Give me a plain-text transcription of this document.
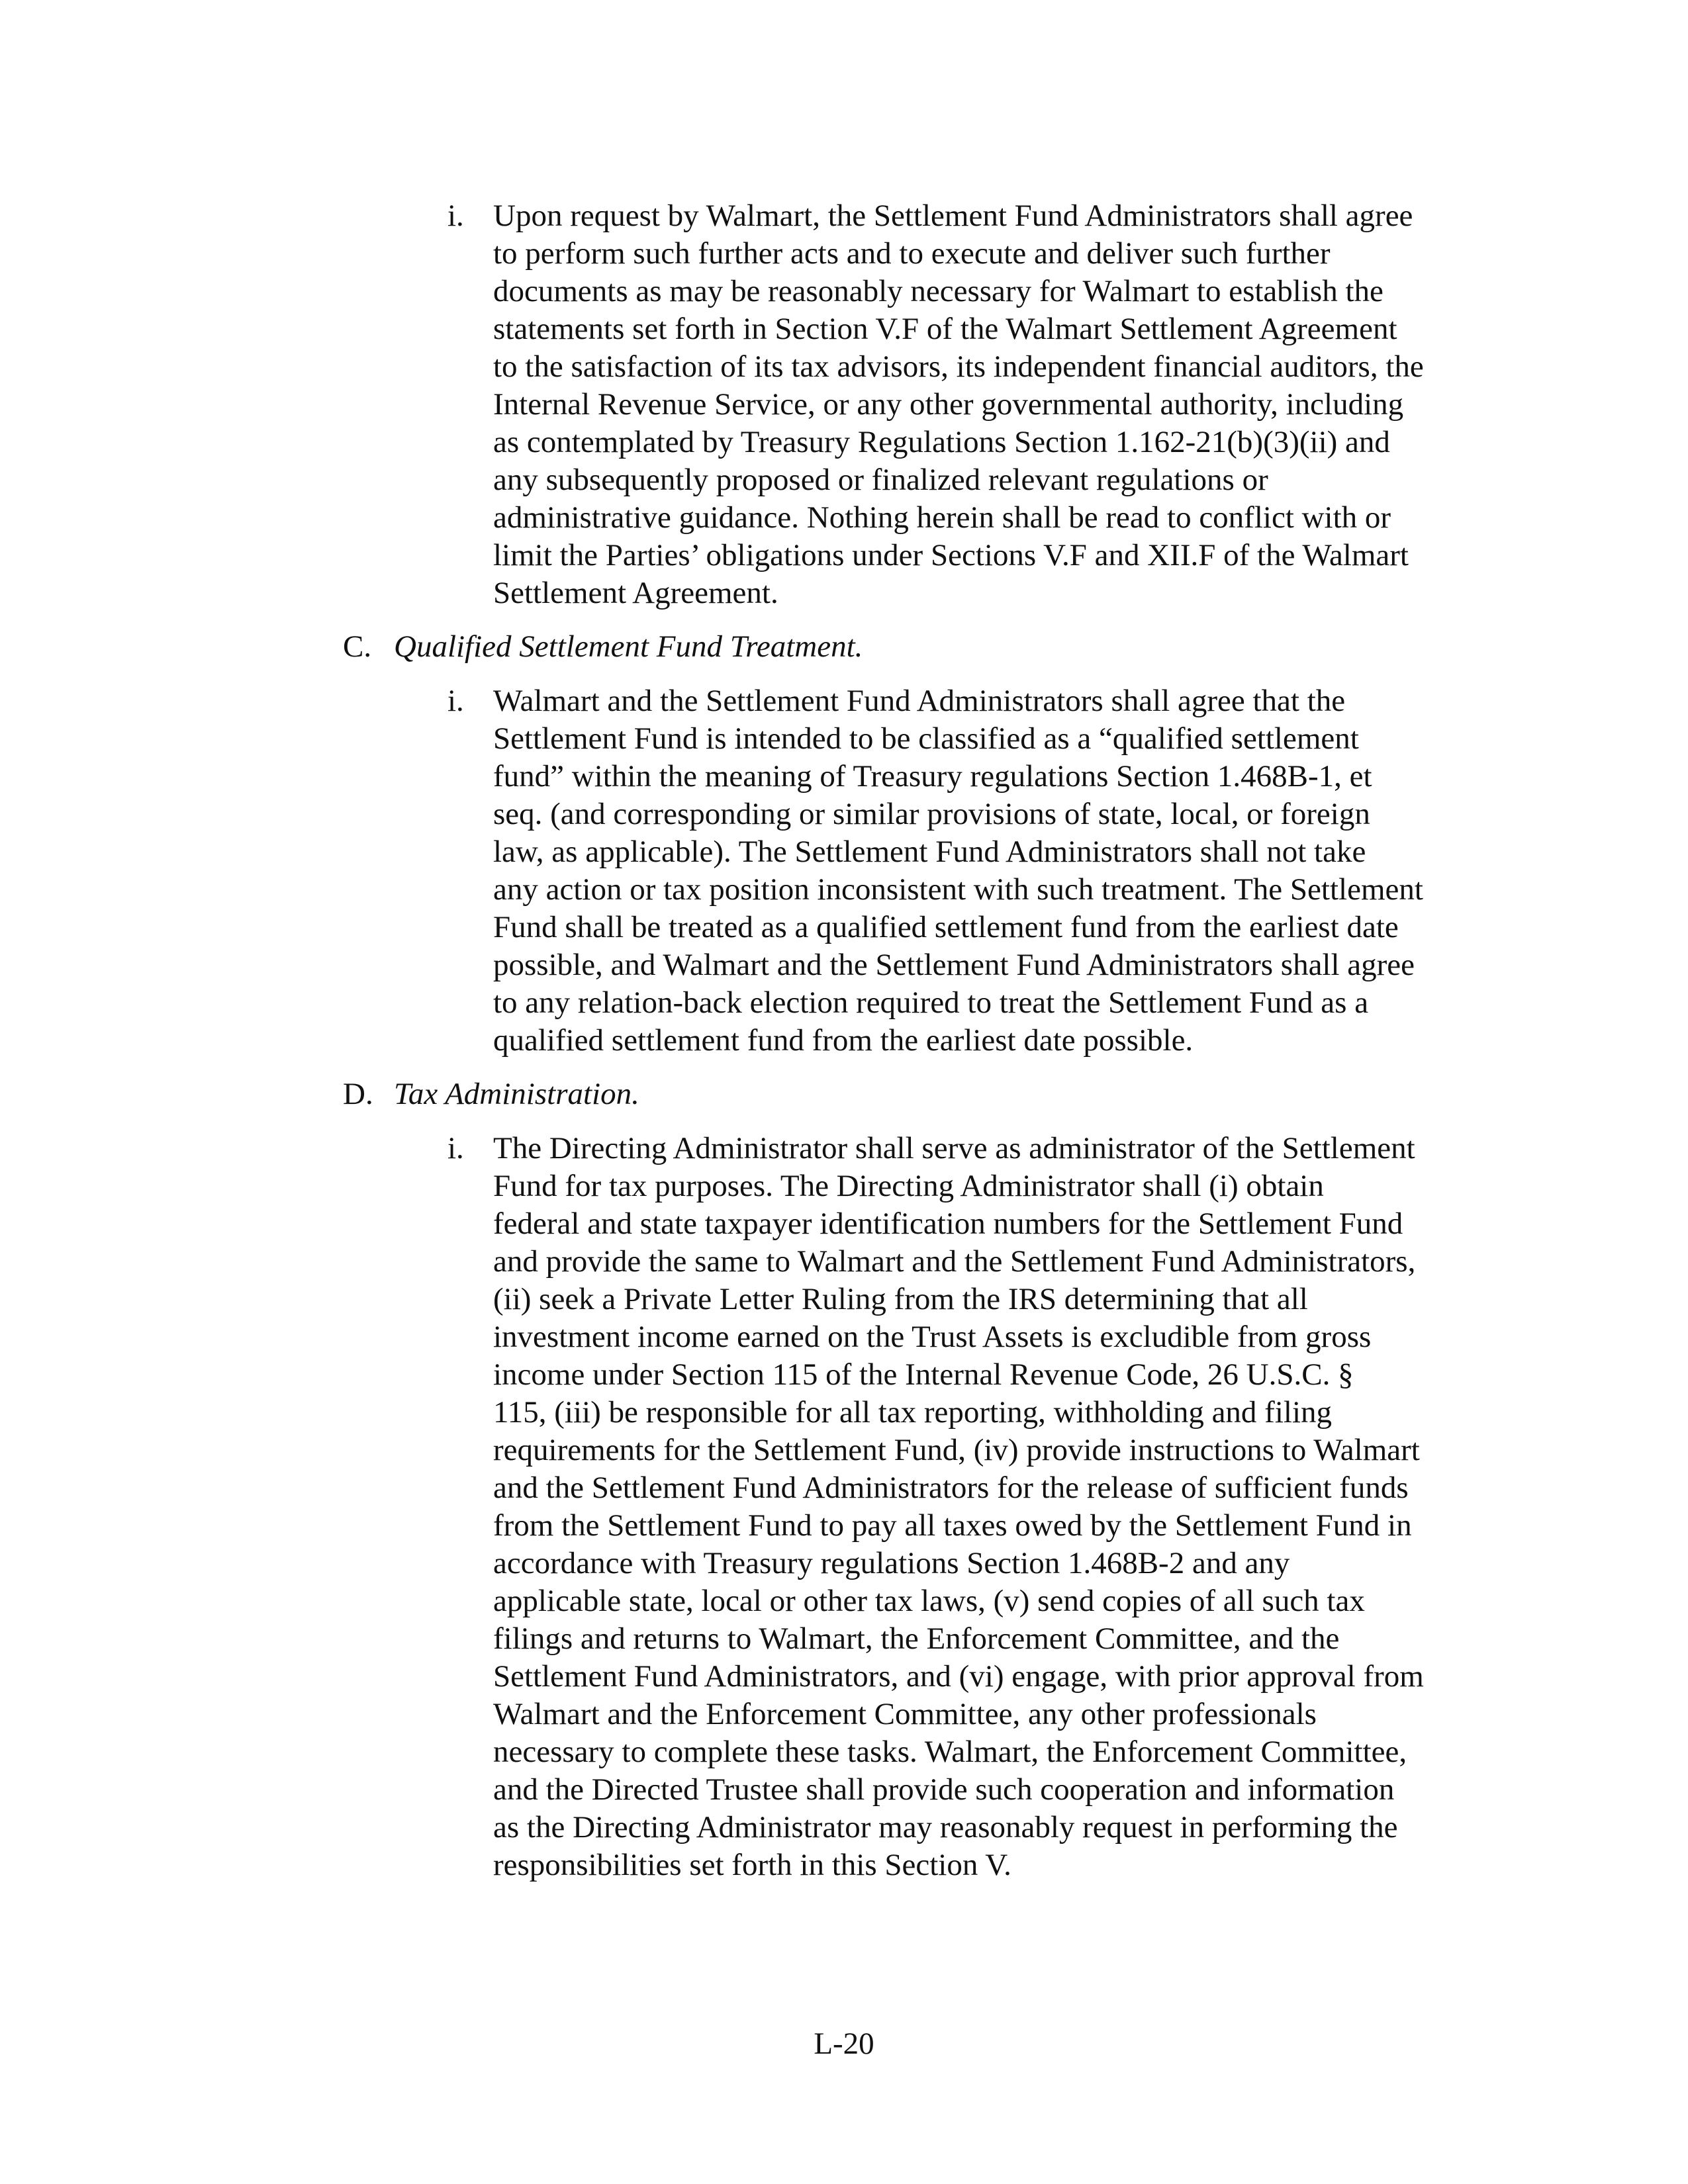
i. Upon request by Walmart, the Settlement Fund Administrators shall agree
to perform such further acts and to execute and deliver such further
documents as may be reasonably necessary for Walmart to establish the
statements set forth in Section V.F of the Walmart Settlement Agreement
to the satisfaction of its tax advisors, its independent financial auditors, the
Internal Revenue Service, or any other governmental authority, including
as contemplated by Treasury Regulations Section 1.162-21(b)(3)(ii) and
any subsequently proposed or finalized relevant regulations or
administrative guidance. Nothing herein shall be read to conflict with or
limit the Parties’ obligations under Sections V.F and XII.F of the Walmart
Settlement Agreement.
C. Qualified Settlement Fund Treatment.
i. Walmart and the Settlement Fund Administrators shall agree that the
Settlement Fund is intended to be classified as a “qualified settlement
fund” within the meaning of Treasury regulations Section 1.468B-1, et
seq. (and corresponding or similar provisions of state, local, or foreign
law, as applicable). The Settlement Fund Administrators shall not take
any action or tax position inconsistent with such treatment. The Settlement
Fund shall be treated as a qualified settlement fund from the earliest date
possible, and Walmart and the Settlement Fund Administrators shall agree
to any relation-back election required to treat the Settlement Fund as a
qualified settlement fund from the earliest date possible.
D. Tax Administration.
i. The Directing Administrator shall serve as administrator of the Settlement
Fund for tax purposes. The Directing Administrator shall (i) obtain
federal and state taxpayer identification numbers for the Settlement Fund
and provide the same to Walmart and the Settlement Fund Administrators,
(ii) seek a Private Letter Ruling from the IRS determining that all
investment income earned on the Trust Assets is excludible from gross
income under Section 115 of the Internal Revenue Code, 26 U.S.C. §
115, (iii) be responsible for all tax reporting, withholding and filing
requirements for the Settlement Fund, (iv) provide instructions to Walmart
and the Settlement Fund Administrators for the release of sufficient funds
from the Settlement Fund to pay all taxes owed by the Settlement Fund in
accordance with Treasury regulations Section 1.468B-2 and any
applicable state, local or other tax laws, (v) send copies of all such tax
filings and returns to Walmart, the Enforcement Committee, and the
Settlement Fund Administrators, and (vi) engage, with prior approval from
Walmart and the Enforcement Committee, any other professionals
necessary to complete these tasks. Walmart, the Enforcement Committee,
and the Directed Trustee shall provide such cooperation and information
as the Directing Administrator may reasonably request in performing the
responsibilities set forth in this Section V.
L-20
